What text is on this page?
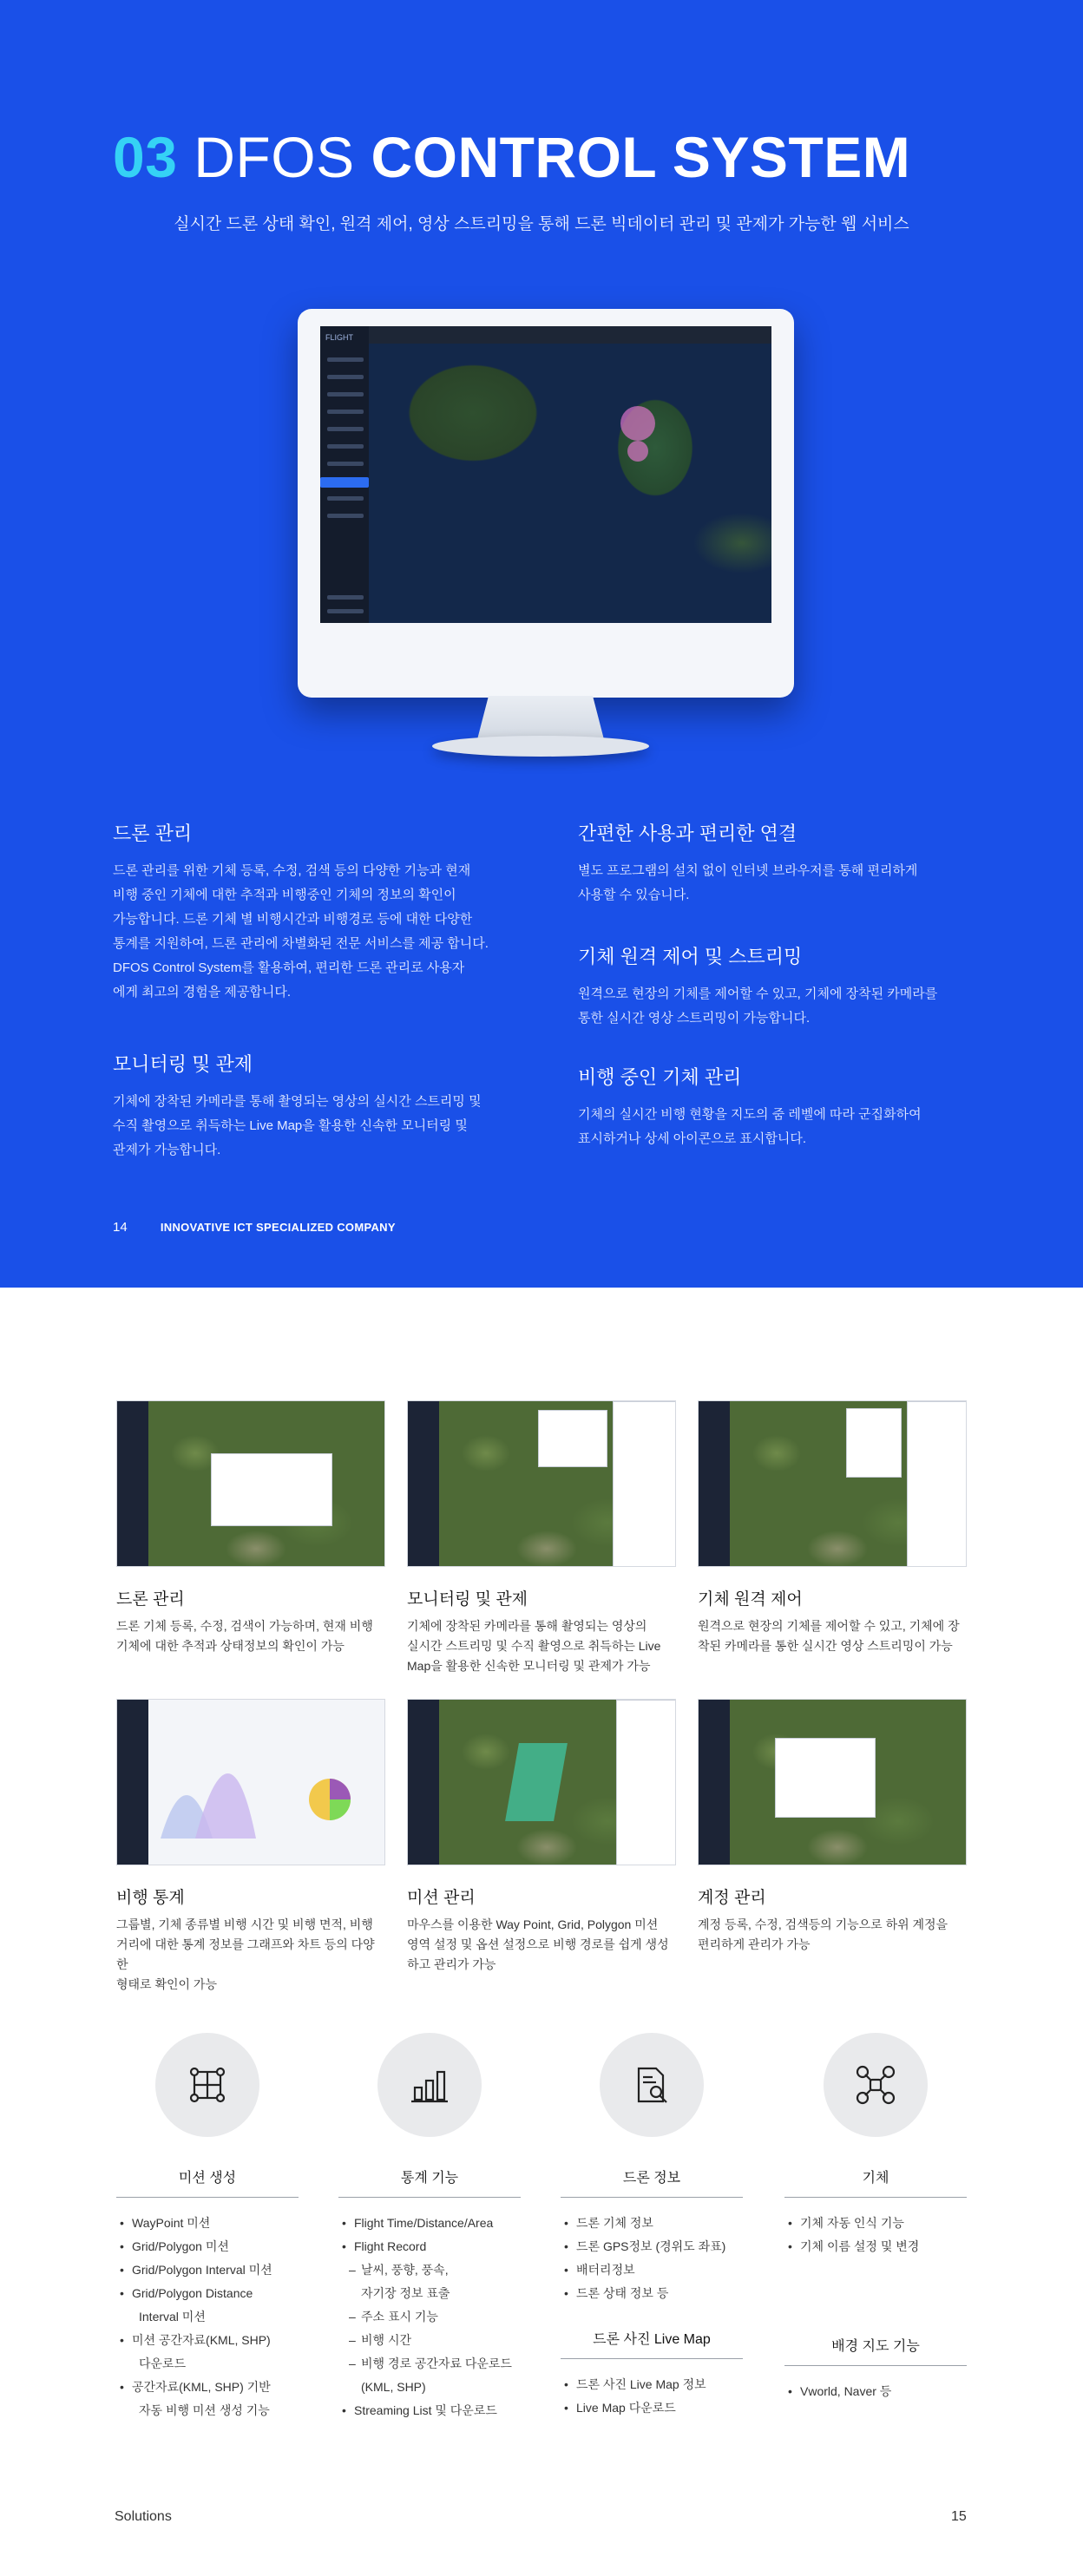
03 DFOS CONTROL SYSTEM
실시간 드론 상태 확인, 원격 제어, 영상 스트리밍을 통해 드론 빅데이터 관리 및 관제가 가능한 웹 서비스
FLIGHT
드론 관리

드론 관리를 위한 기체 등록, 수정, 검색 등의 다양한 기능과 현재
비행 중인 기체에 대한 추적과 비행중인 기체의 정보의 확인이
가능합니다. 드론 기체 별 비행시간과 비행경로 등에 대한 다양한
통계를 지원하여, 드론 관리에 차별화된 전문 서비스를 제공 합니다.
DFOS Control System를 활용하여, 편리한 드론 관리로 사용자
에게 최고의 경험을 제공합니다.

모니터링 및 관제

기체에 장착된 카메라를 통해 촬영되는 영상의 실시간 스트리밍 및
수직 촬영으로 취득하는 Live Map을 활용한 신속한 모니터링 및
관제가 가능합니다.

간편한 사용과 편리한 연결

별도 프로그램의 설치 없이 인터넷 브라우저를 통해 편리하게
사용할 수 있습니다.

기체 원격 제어 및 스트리밍

원격으로 현장의 기체를 제어할 수 있고, 기체에 장착된 카메라를
통한 실시간 영상 스트리밍이 가능합니다.

비행 중인 기체 관리

기체의 실시간 비행 현황을 지도의 줌 레벨에 따라 군집화하여
표시하거나 상세 아이콘으로 표시합니다.

14	INNOVATIVE ICT SPECIALIZED COMPANY
드론 관리

드론 기체 등록, 수정, 검색이 가능하며, 현재 비행
기체에 대한 추적과 상태정보의 확인이 가능

모니터링 및 관제

기체에 장착된 카메라를 통해 촬영되는 영상의
실시간 스트리밍 및 수직 촬영으로 취득하는 Live
Map을 활용한 신속한 모니터링 및 관제가 가능

기체 원격 제어

원격으로 현장의 기체를 제어할 수 있고, 기체에 장
착된 카메라를 통한 실시간 영상 스트리밍이 가능

비행 통계

그룹별, 기체 종류별 비행 시간 및 비행 면적, 비행
거리에 대한 통계 정보를 그래프와 차트 등의 다양한
형태로 확인이 가능

미션 관리

마우스를 이용한 Way Point, Grid, Polygon 미션
영역 설정 및 옵션 설정으로 비행 경로를 쉽게 생성
하고 관리가 가능

계정 관리

계정 등록, 수정, 검색등의 기능으로 하위 계정을
편리하게 관리가 가능

미션 생성
• WayPoint 미션
• Grid/Polygon 미션
• Grid/Polygon Interval 미션
• Grid/Polygon Distance
Interval 미션
• 미션 공간자료(KML, SHP)
다운로드
• 공간자료(KML, SHP) 기반
자동 비행 미션 생성 기능
통계 기능
• Flight Time/Distance/Area
• Flight Record
– 날씨, 풍향, 풍속,
자기장 정보 표출
– 주소 표시 기능
– 비행 시간
– 비행 경로 공간자료 다운로드
(KML, SHP)
• Streaming List 및 다운로드
드론 정보
• 드론 기체 정보
• 드론 GPS정보 (경위도 좌표)
• 배터리정보
• 드론 상태 정보 등
드론 사진 Live Map
• 드론 사진 Live Map 정보
• Live Map 다운로드
기체
• 기체 자동 인식 기능
• 기체 이름 설정 및 변경
배경 지도 기능
• Vworld, Naver 등
Solutions	15
